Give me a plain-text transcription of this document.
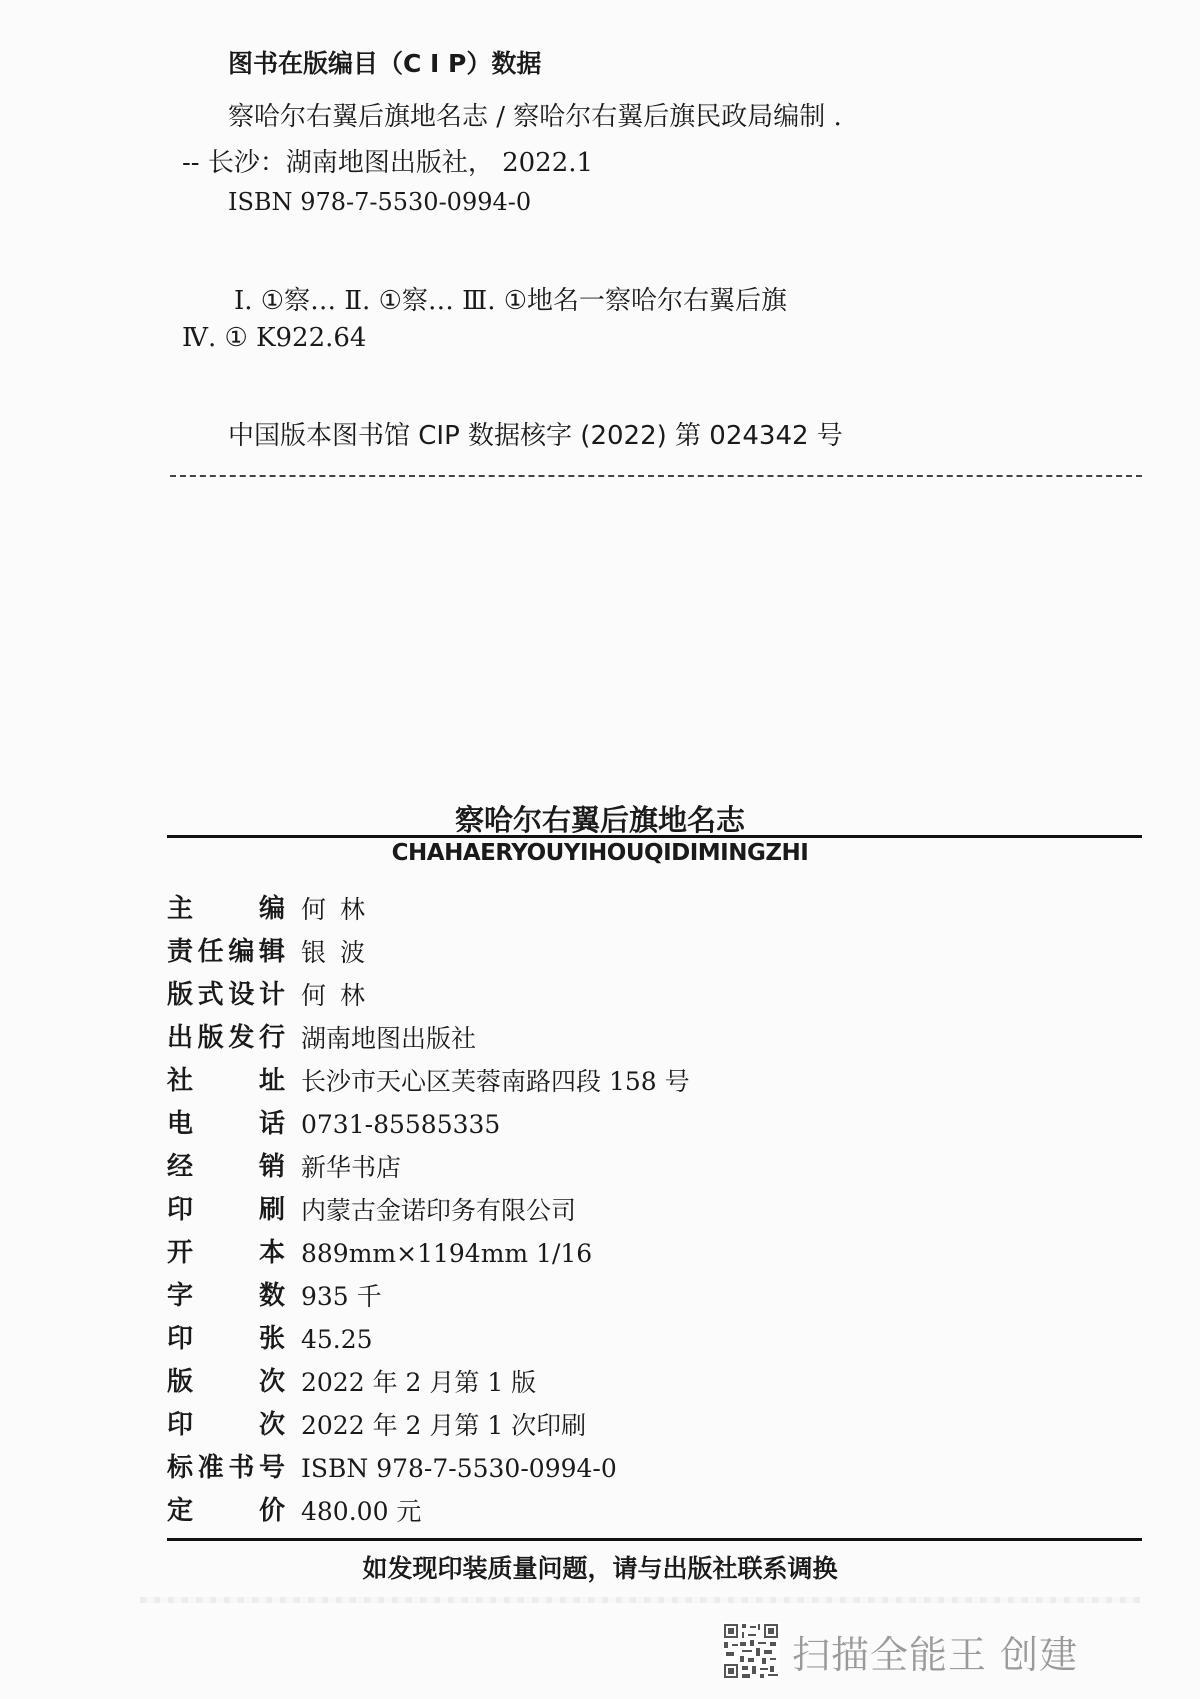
图书在版编目（C I P）数据
察哈尔右翼后旗地名志 / 察哈尔右翼后旗民政局编制 .
-- 长沙：湖南地图出版社， 2022.1
ISBN 978-7-5530-0994-0
Ⅰ. ①察… Ⅱ. ①察… Ⅲ. ①地名一察哈尔右翼后旗
Ⅳ. ① K922.64
中国版本图书馆 CIP 数据核字 (2022) 第 024342 号
察哈尔右翼后旗地名志
CHAHAERYOUYIHOUQIDIMINGZHI
主	编 何林
责 任 编 辑 银波
版 式 设 计 何林
出 版 发 行 湖南地图出版社
社	址 长沙市天心区芙蓉南路四段 158 号
电	话 0731-85585335
经	销 新华书店
印	刷 内蒙古金诺印务有限公司
开	本 889mm×1194mm 1/16
字	数 935 千
印	张 45.25
版	次 2022 年 2 月第 1 版
印	次 2022 年 2 月第 1 次印刷
标 准 书 号 ISBN 978-7-5530-0994-0
定	价 480.00 元
如发现印装质量问题，请与出版社联系调换
扫描全能王 创建
